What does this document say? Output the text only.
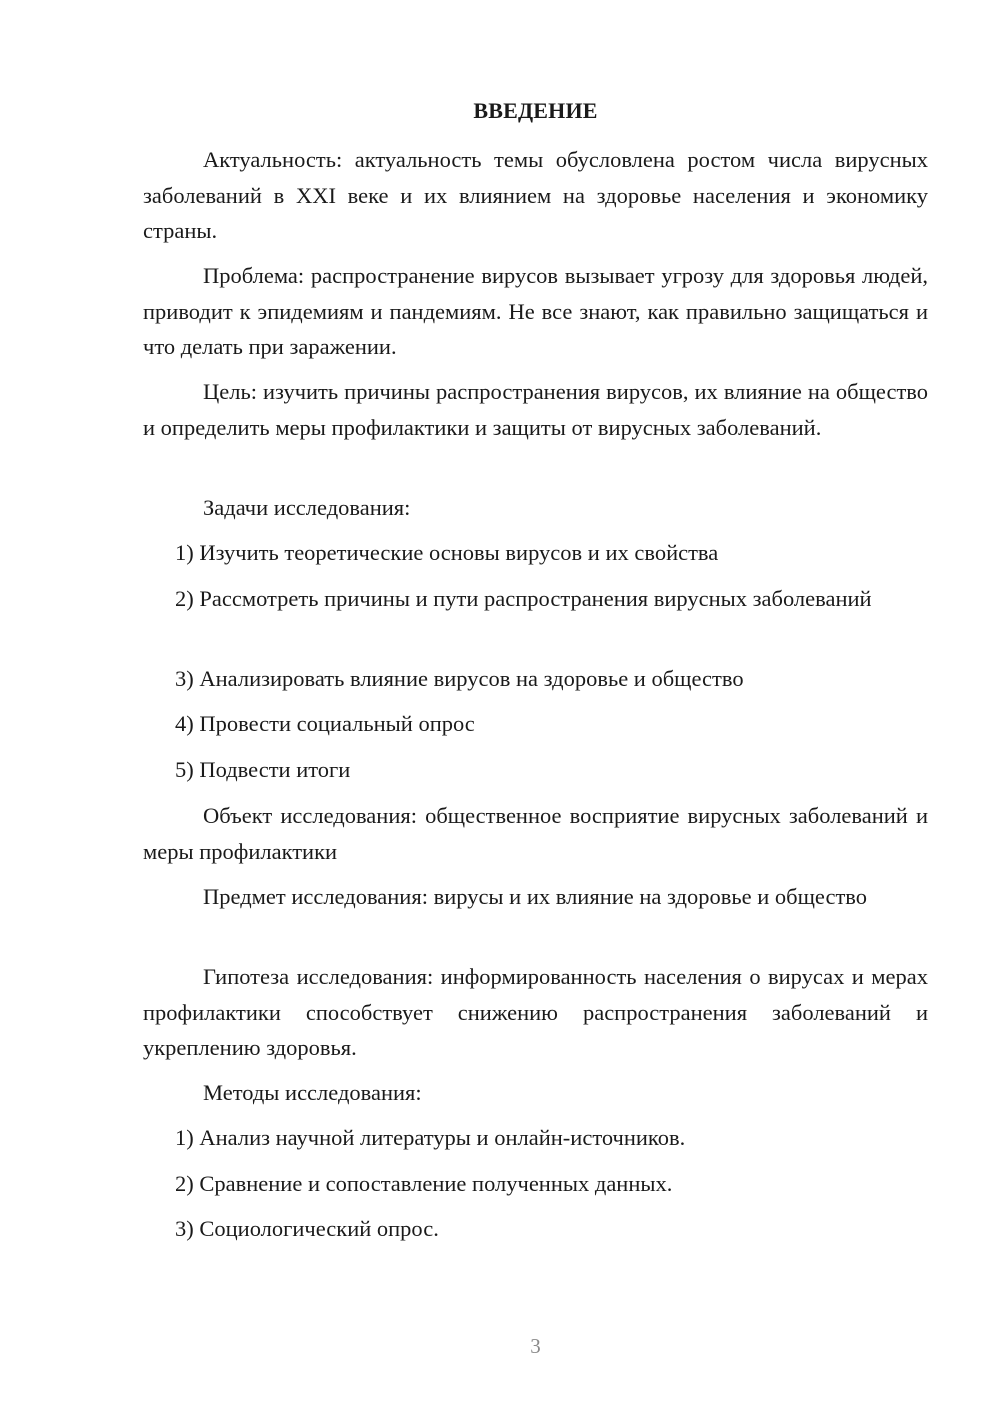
ВВЕДЕНИЕ
Актуальность: актуальность темы обусловлена ростом числа вирусных заболеваний в XXI веке и их влиянием на здоровье населения и экономику страны.
Проблема: распространение вирусов вызывает угрозу для здоровья людей, приводит к эпидемиям и пандемиям. Не все знают, как правильно защищаться и что делать при заражении.
Цель: изучить причины распространения вирусов, их влияние на общество и определить меры профилактики и защиты от вирусных заболеваний.
Задачи исследования:
1) Изучить теоретические основы вирусов и их свойства
2) Рассмотреть причины и пути распространения вирусных заболеваний
3) Анализировать влияние вирусов на здоровье и общество
4) Провести социальный опрос
5) Подвести итоги
Объект исследования: общественное восприятие вирусных заболеваний и меры профилактики
Предмет исследования: вирусы и их влияние на здоровье и общество
Гипотеза исследования: информированность населения о вирусах и мерах профилактики способствует снижению распространения заболеваний и укреплению здоровья.
Методы исследования:
1) Анализ научной литературы и онлайн-источников.
2) Сравнение и сопоставление полученных данных.
3) Социологический опрос.
3
